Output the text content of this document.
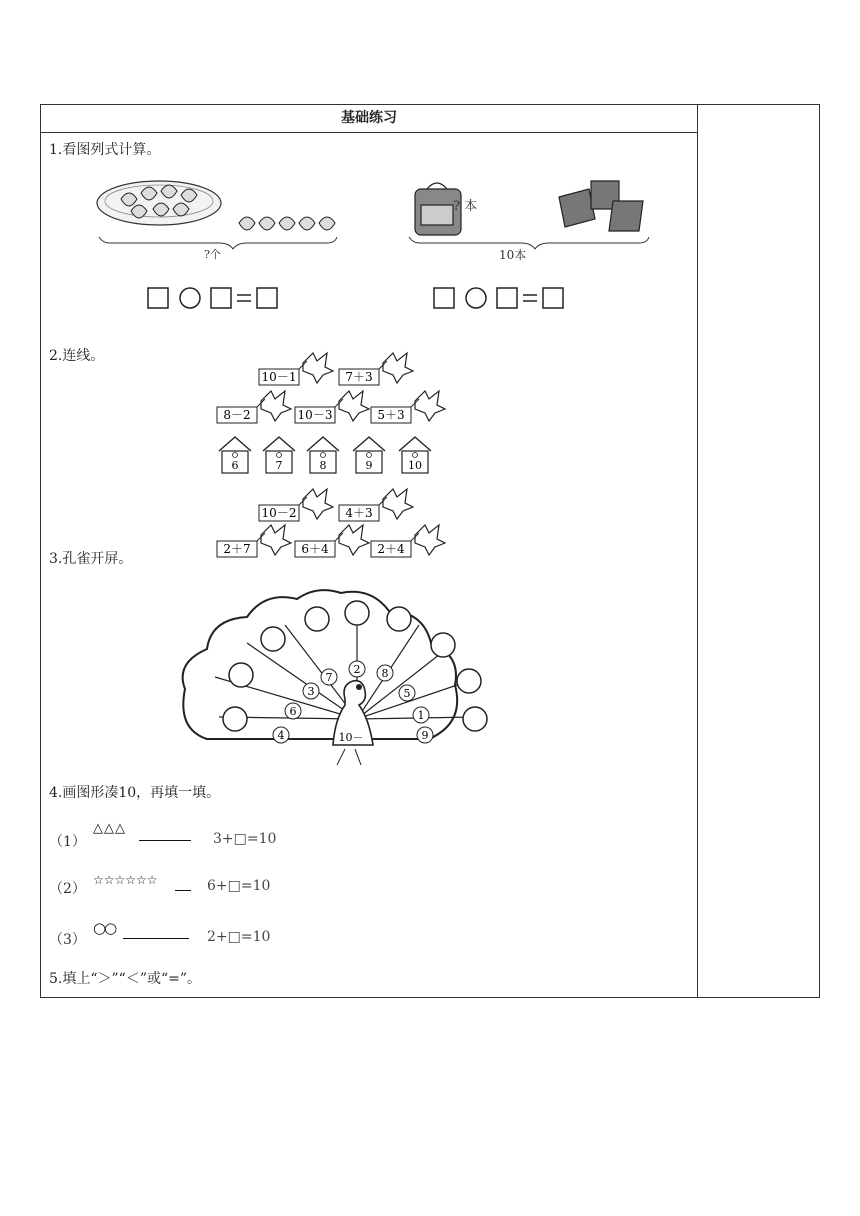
基础练习
1.看图列式计算。
? 本
?个	10本
2.连线。
10－1	7＋3
8－2	10－3	5＋3
6	7	8	9	10
10－2	4＋3
2＋7	6＋4	2＋4
3.孔雀开屏。
4
6
3
7
2 8
5
1
9
10－
4.画图形凑10，再填一填。
（1）
△△△
3+□=10
（2）
☆☆☆☆☆☆	6+□=10
（3）
○○	2+□=10
5.填上“＞”“＜”或“=”。
